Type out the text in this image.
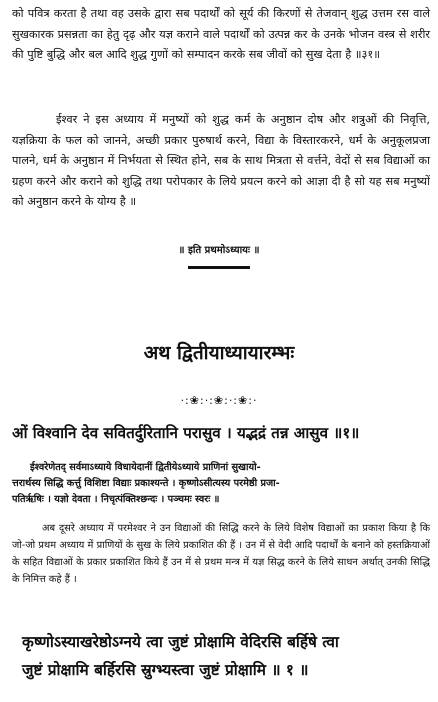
को पवित्र करता है तथा वह उसके द्वारा सब पदार्थों को सूर्य की किरणों से तेजवान् शुद्ध उत्तम रस वाले सुखकारक प्रसन्नता का हेतु दृढ़ और यज्ञ कराने वाले पदार्थों को उत्पन्न कर के उनके भोजन वस्त्र से शरीर की पुष्टि बुद्धि और बल आदि शुद्ध गुणों को सम्पादन करके सब जीवों को सुख देता है ॥३१॥

ईश्वर ने इस अध्याय में मनुष्यों को शुद्ध कर्म के अनुष्ठान दोष और शत्रुओं की निवृत्ति, यज्ञक्रिया के फल को जानने, अच्छी प्रकार पुरुषार्थ करने, विद्या के विस्तारकरने, धर्म के अनुकूलप्रजा पालने, धर्म के अनुष्ठान में निर्भयता से स्थित होने, सब के साथ मित्रता से वर्त्तने, वेदों से सब विद्याओं का ग्रहण करने और कराने को शुद्धि तथा परोपकार के लिये प्रयत्न करने को आज्ञा दी है सो यह सब मनुष्यों को अनुष्ठान करने के योग्य है ॥

॥ इति प्रथमोऽध्यायः ॥
अथ द्वितीयाध्यायारम्भः
·:❀:·:❀:·:❀:·
ओं विश्वानि देव सवितर्दुरितानि परासुव । यद्भद्रं तन्न आसुव ॥१॥
ईश्वरेणेतद् सर्वमाऽध्याये विधायेदानीं द्वितीयेऽध्याये प्राणिनां सुखायो-
त्तरार्थस्य सिद्धि कर्त्तु विशिष्टा विद्याः प्रकाश्यन्ते । कृष्णोऽसीत्यस्य परमेष्ठी प्रजा-
पतिर्ऋषिः । यज्ञो देवता । निचृत्पंक्तिश्छन्दः । पञ्चमः स्वरः ॥

अब दूसरे अध्याय में परमेश्वर ने उन विद्याओं की सिद्धि करने के लिये विशेष विद्याओं का प्रकाश किया है कि जो-जो प्रथम अध्याय में प्राणियों के सुख के लिये प्रकाशित की हैं । उन में से वेदी आदि पदार्थों के बनाने को हस्तक्रियाओं के सहित विद्याओं के प्रकार प्रकाशित किये हैं उन में से प्रथम मन्त्र में यज्ञ सिद्ध करने के लिये साधन अर्थात् उनकी सिद्धि के निमित्त कहे हैं ।

कृष्णोऽस्याखरेष्ठोऽग्नये त्वा जुष्टं प्रोक्षामि वेदिरसि बर्हिषे त्वा
जुष्टं प्रोक्षामि बर्हिरसि स्रुग्भ्यस्त्वा जुष्टं प्रोक्षामि ॥ १ ॥
